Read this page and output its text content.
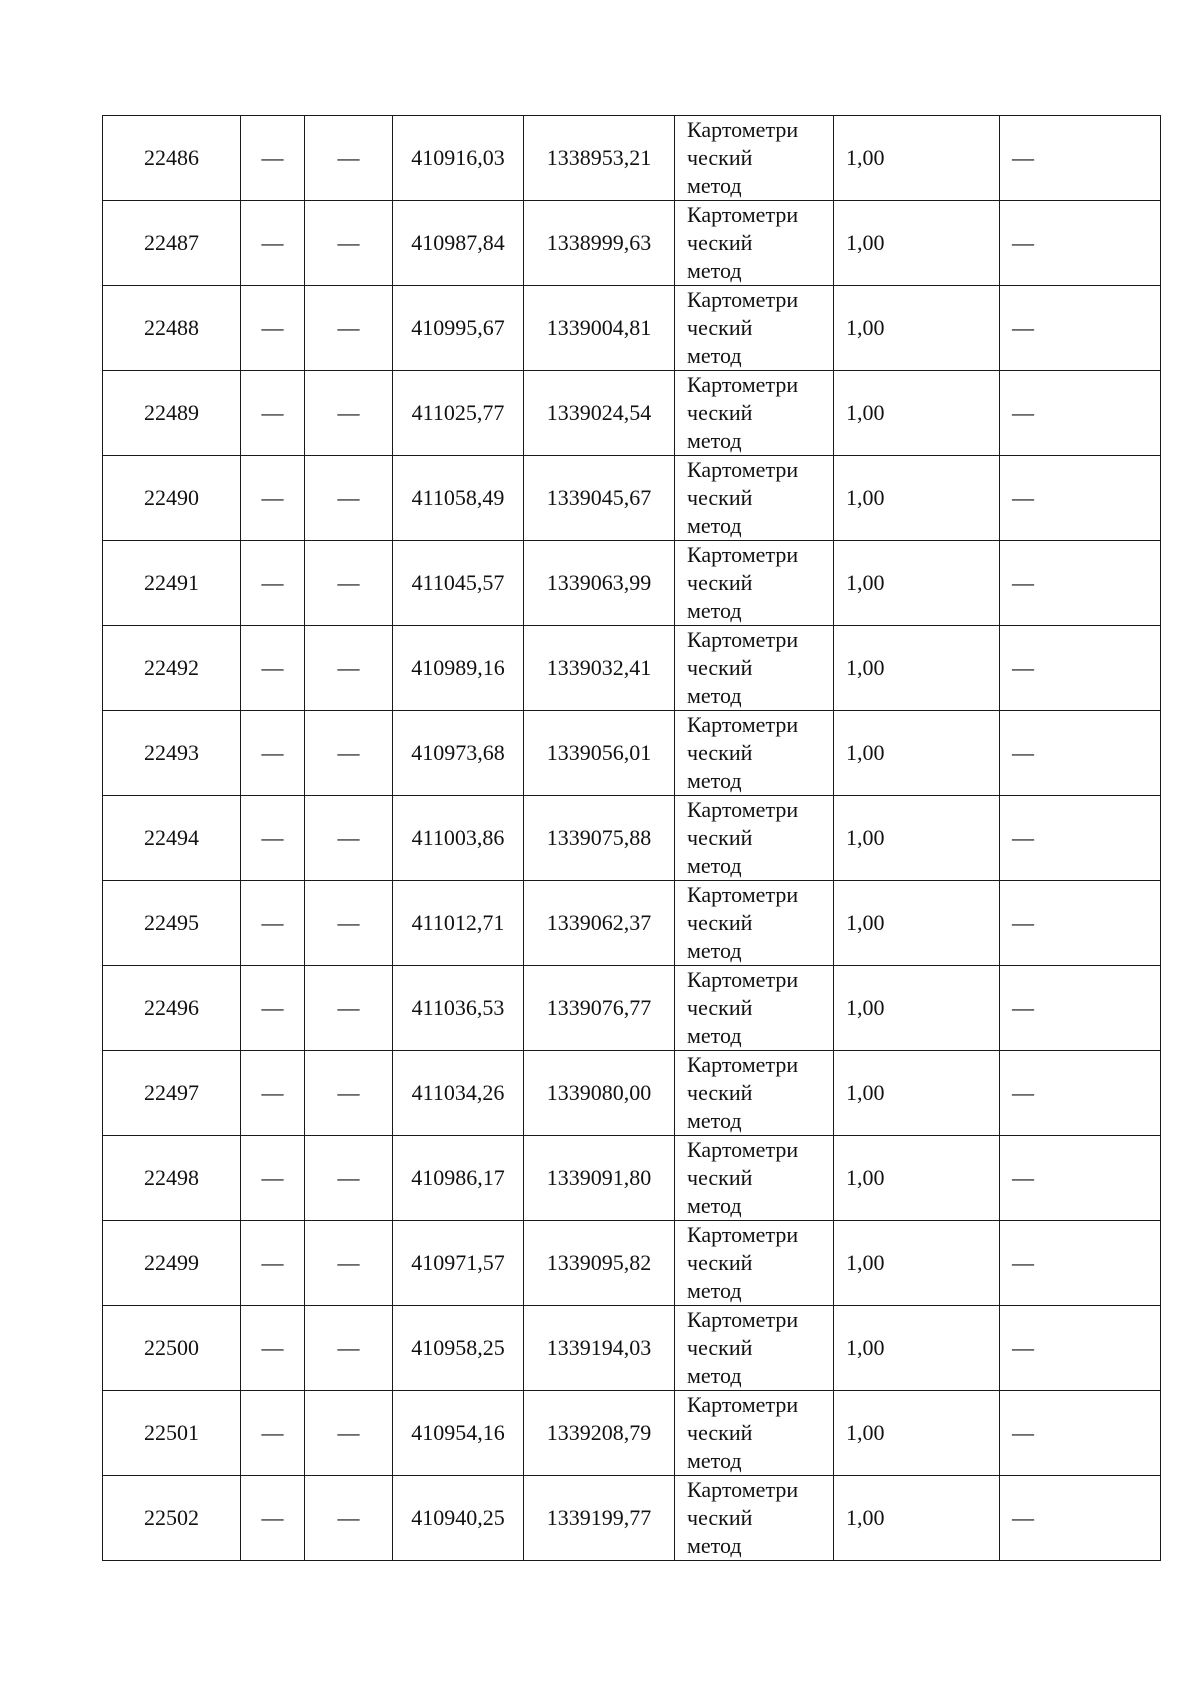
22486	—	—	410916,03	1338953,21	Картометри
ческий
метод	1,00	—
22487	—	—	410987,84	1338999,63	Картометри
ческий
метод	1,00	—
22488	—	—	410995,67	1339004,81	Картометри
ческий
метод	1,00	—
22489	—	—	411025,77	1339024,54	Картометри
ческий
метод	1,00	—
22490	—	—	411058,49	1339045,67	Картометри
ческий
метод	1,00	—
22491	—	—	411045,57	1339063,99	Картометри
ческий
метод	1,00	—
22492	—	—	410989,16	1339032,41	Картометри
ческий
метод	1,00	—
22493	—	—	410973,68	1339056,01	Картометри
ческий
метод	1,00	—
22494	—	—	411003,86	1339075,88	Картометри
ческий
метод	1,00	—
22495	—	—	411012,71	1339062,37	Картометри
ческий
метод	1,00	—
22496	—	—	411036,53	1339076,77	Картометри
ческий
метод	1,00	—
22497	—	—	411034,26	1339080,00	Картометри
ческий
метод	1,00	—
22498	—	—	410986,17	1339091,80	Картометри
ческий
метод	1,00	—
22499	—	—	410971,57	1339095,82	Картометри
ческий
метод	1,00	—
22500	—	—	410958,25	1339194,03	Картометри
ческий
метод	1,00	—
22501	—	—	410954,16	1339208,79	Картометри
ческий
метод	1,00	—
22502	—	—	410940,25	1339199,77	Картометри
ческий
метод	1,00	—
